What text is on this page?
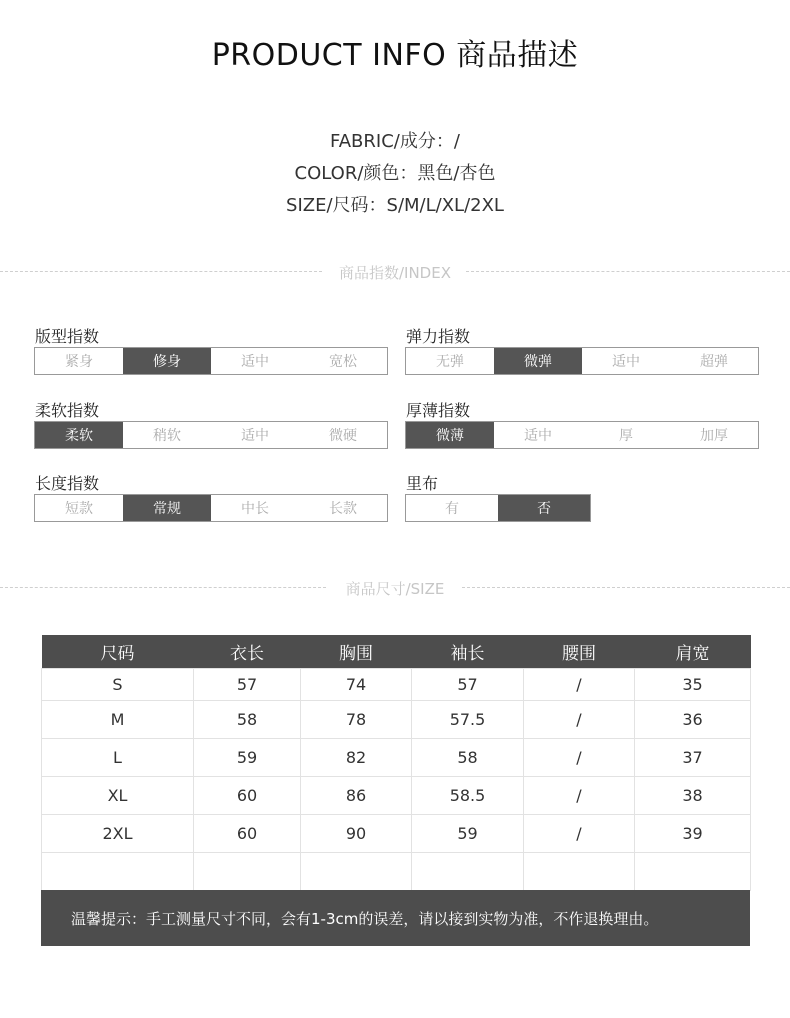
PRODUCT INFO 商品描述
FABRIC/成分：/
COLOR/颜色：黑色/杏色
SIZE/尺码：S/M/L/XL/2XL
商品指数/INDEX
版型指数
紧身	修身	适中	宽松
弹力指数
无弹	微弹	适中	超弹
柔软指数
柔软	稍软	适中	微硬
厚薄指数
微薄	适中	厚	加厚
长度指数
短款	常规	中长	长款
里布
有	否
商品尺寸/SIZE
尺码	衣长	胸围	袖长	腰围	肩宽
S	57	74	57	/	35
M	58	78	57.5	/	36
L	59	82	58	/	37
XL	60	86	58.5	/	38
2XL	60	90	59	/	39

温馨提示：手工测量尺寸不同，会有1-3cm的误差，请以接到实物为准，不作退换理由。
